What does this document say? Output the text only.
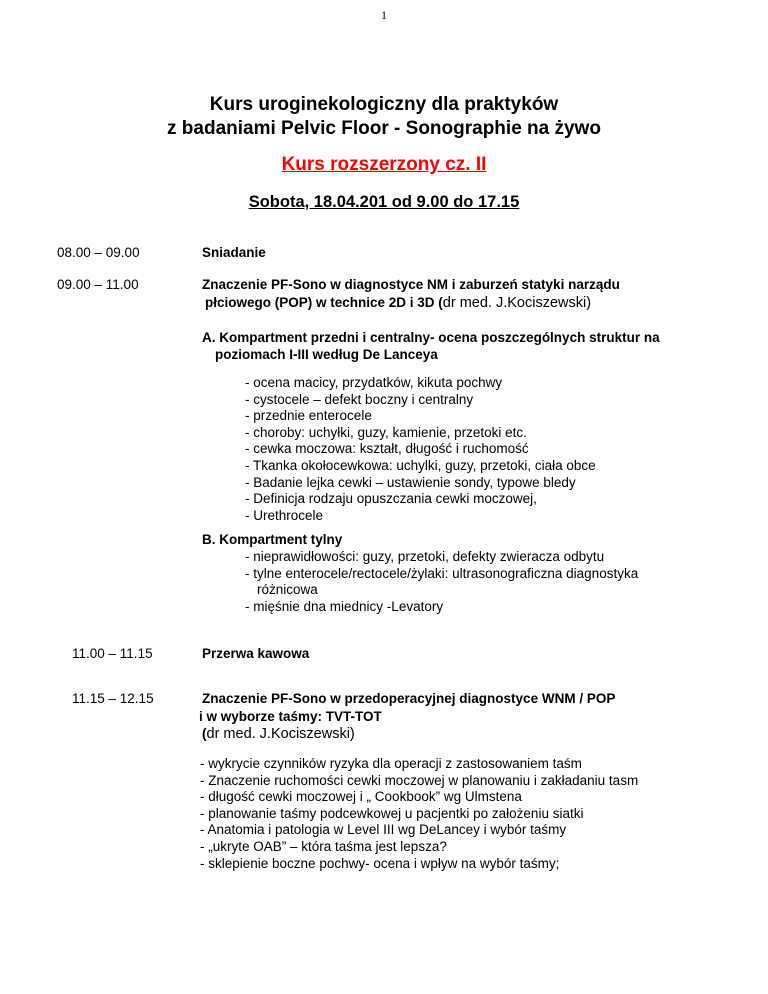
1
Kurs uroginekologiczny dla praktyków
z badaniami Pelvic Floor - Sonographie na żywo
Kurs rozszerzony cz. II
Sobota, 18.04.201 od 9.00 do 17.15
08.00 – 09.00	Sniadanie
09.00 – 11.00	Znaczenie PF-Sono w diagnostyce NM i zaburzeń statyki narządu
płciowego (POP) w technice 2D i 3D (dr med. J.Kociszewski)
A. Kompartment przedni i centralny- ocena poszczególnych struktur na
poziomach I-III według De Lanceya
- ocena macicy, przydatków, kikuta pochwy
- cystocele – defekt boczny i centralny
- przednie enterocele
- choroby: uchyłki, guzy, kamienie, przetoki etc.
- cewka moczowa: kształt, długość i ruchomość
- Tkanka okołocewkowa: uchylki, guzy, przetoki, ciała obce
- Badanie lejka cewki – ustawienie sondy, typowe bledy
- Definicja rodzaju opuszczania cewki moczowej,
- Urethrocele
B. Kompartment tylny
- nieprawidłowości: guzy, przetoki, defekty zwieracza odbytu
- tylne enterocele/rectocele/żylaki: ultrasonograficzna diagnostyka
różnicowa
- mięśnie dna miednicy -Levatory
11.00 – 11.15	Przerwa kawowa
11.15 – 12.15	Znaczenie PF-Sono w przedoperacyjnej diagnostyce WNM / POP
i w wyborze taśmy: TVT-TOT
(dr med. J.Kociszewski)
- wykrycie czynników ryzyka dla operacji z zastosowaniem taśm
- Znaczenie ruchomości cewki moczowej w planowaniu i zakładaniu tasm
- długość cewki moczowej i „ Cookbook” wg Ulmstena
- planowanie taśmy podcewkowej u pacjentki po założeniu siatki
- Anatomia i patologia w Level III wg DeLancey i wybór taśmy
- „ukryte OAB” – która taśma jest lepsza?
- sklepienie boczne pochwy- ocena i wpływ na wybór taśmy;
